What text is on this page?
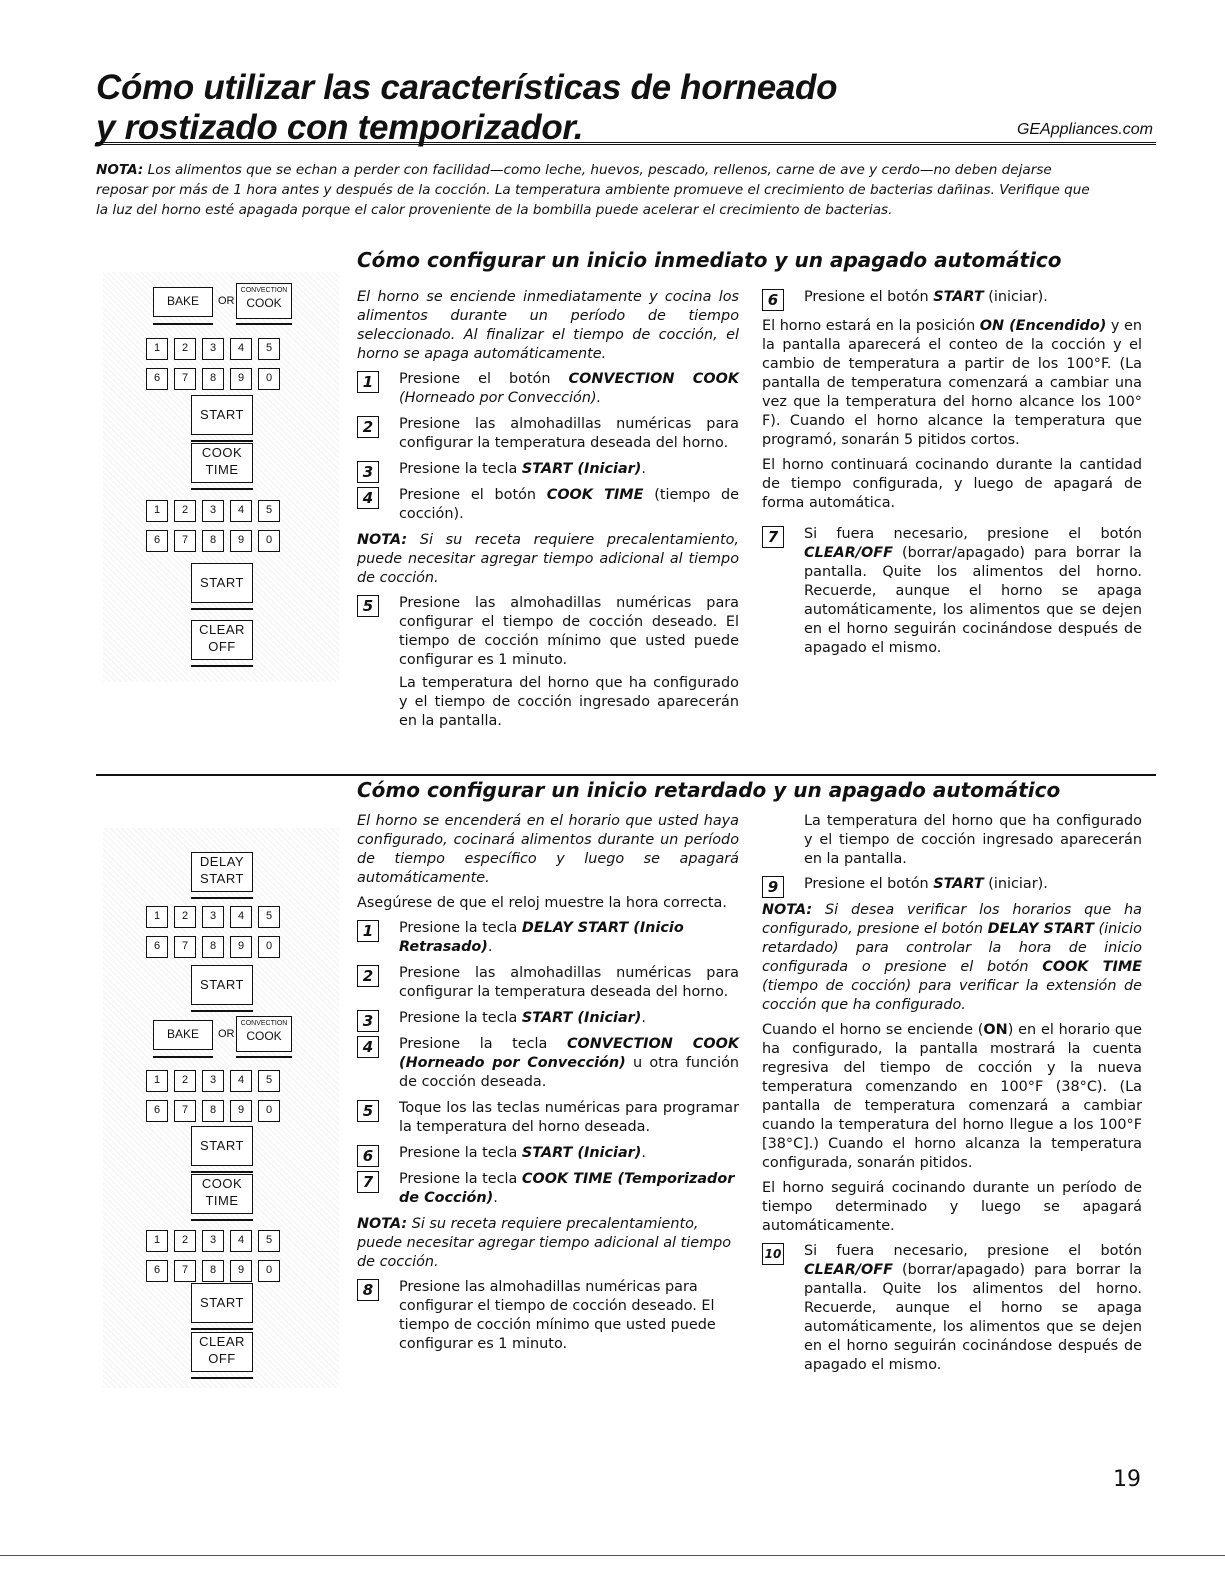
Cómo utilizar las características de horneado
y rostizado con temporizador.	GEAppliances.com
NOTA: Los alimentos que se echan a perder con facilidad—como leche, huevos, pescado, rellenos, carne de ave y cerdo—no deben dejarse reposar por más de 1 hora antes y después de la cocción. La temperatura ambiente promueve el crecimiento de bacterias dañinas. Verifique que la luz del horno esté apagada porque el calor proveniente de la bombilla puede acelerar el crecimiento de bacterias.
Cómo configurar un inicio inmediato y un apagado automático

El horno se enciende inmediatamente y cocina los alimentos durante un período de tiempo seleccionado. Al finalizar el tiempo de cocción, el horno se apaga automáticamente.

1	Presione el botón CONVECTION COOK (Horneado por Convección).
2	Presione las almohadillas numéricas para configurar la temperatura deseada del horno.
3	Presione la tecla START (Iniciar).
4	Presione el botón COOK TIME (tiempo de cocción).

NOTA: Si su receta requiere precalentamiento, puede necesitar agregar tiempo adicional al tiempo de cocción.

5	Presione las almohadillas numéricas para configurar el tiempo de cocción deseado. El tiempo de cocción mínimo que usted puede configurar es 1 minuto.
La temperatura del horno que ha configurado y el tiempo de cocción ingresado aparecerán en la pantalla.
6	Presione el botón START (iniciar).

El horno estará en la posición ON (Encendido) y en la pantalla aparecerá el conteo de la cocción y el cambio de temperatura a partir de los 100°F. (La pantalla de temperatura comenzará a cambiar una vez que la temperatura del horno alcance los 100° F). Cuando el horno alcance la temperatura que programó, sonarán 5 pitidos cortos.

El horno continuará cocinando durante la cantidad de tiempo configurada, y luego de apagará de forma automática.

7	Si fuera necesario, presione el botón CLEAR/OFF (borrar/apagado) para borrar la pantalla. Quite los alimentos del horno. Recuerde, aunque el horno se apaga automáticamente, los alimentos que se dejen en el horno seguirán cocinándose después de apagado el mismo.
Cómo configurar un inicio retardado y un apagado automático

El horno se encenderá en el horario que usted haya configurado, cocinará alimentos durante un período de tiempo específico y luego se apagará automáticamente.

Asegúrese de que el reloj muestre la hora correcta.

1	Presione la tecla DELAY START (Inicio Retrasado).
2	Presione las almohadillas numéricas para configurar la temperatura deseada del horno.
3	Presione la tecla START (Iniciar).
4	Presione la tecla CONVECTION COOK (Horneado por Convección) u otra función de cocción deseada.
5	Toque los las teclas numéricas para programar la temperatura del horno deseada.
6	Presione la tecla START (Iniciar).
7	Presione la tecla COOK TIME (Temporizador de Cocción).

NOTA: Si su receta requiere precalentamiento, puede necesitar agregar tiempo adicional al tiempo de cocción.

8	Presione las almohadillas numéricas para configurar el tiempo de cocción deseado. El tiempo de cocción mínimo que usted puede configurar es 1 minuto.

La temperatura del horno que ha configurado y el tiempo de cocción ingresado aparecerán en la pantalla.

9	Presione el botón START (iniciar).

NOTA: Si desea verificar los horarios que ha configurado, presione el botón DELAY START (inicio retardado) para controlar la hora de inicio configurada o presione el botón COOK TIME (tiempo de cocción) para verificar la extensión de cocción que ha configurado.

Cuando el horno se enciende (ON) en el horario que ha configurado, la pantalla mostrará la cuenta regresiva del tiempo de cocción y la nueva temperatura comenzando en 100°F (38°C). (La pantalla de temperatura comenzará a cambiar cuando la temperatura del horno llegue a los 100°F [38°C].) Cuando el horno alcanza la temperatura configurada, sonarán pitidos.

El horno seguirá cocinando durante un período de tiempo determinado y luego se apagará automáticamente.

10 Si fuera necesario, presione el botón CLEAR/OFF (borrar/apagado) para borrar la pantalla. Quite los alimentos del horno. Recuerde, aunque el horno se apaga automáticamente, los alimentos que se dejen en el horno seguirán cocinándose después de apagado el mismo.
19
BAKE	OR
CONVECTION
COOK
1	2	3	4	5
6	7	8	9	0
START
COOK
TIME
1	2	3	4	5
6	7	8	9	0
START
CLEAR
OFF
DELAY
START
1	2	3	4	5
6	7	8	9	0
START
BAKE	OR
CONVECTION
COOK
1	2	3	4	5
6	7	8	9	0
START
COOK
TIME
1	2	3	4	5
6	7	8	9	0
START
CLEAR
OFF
